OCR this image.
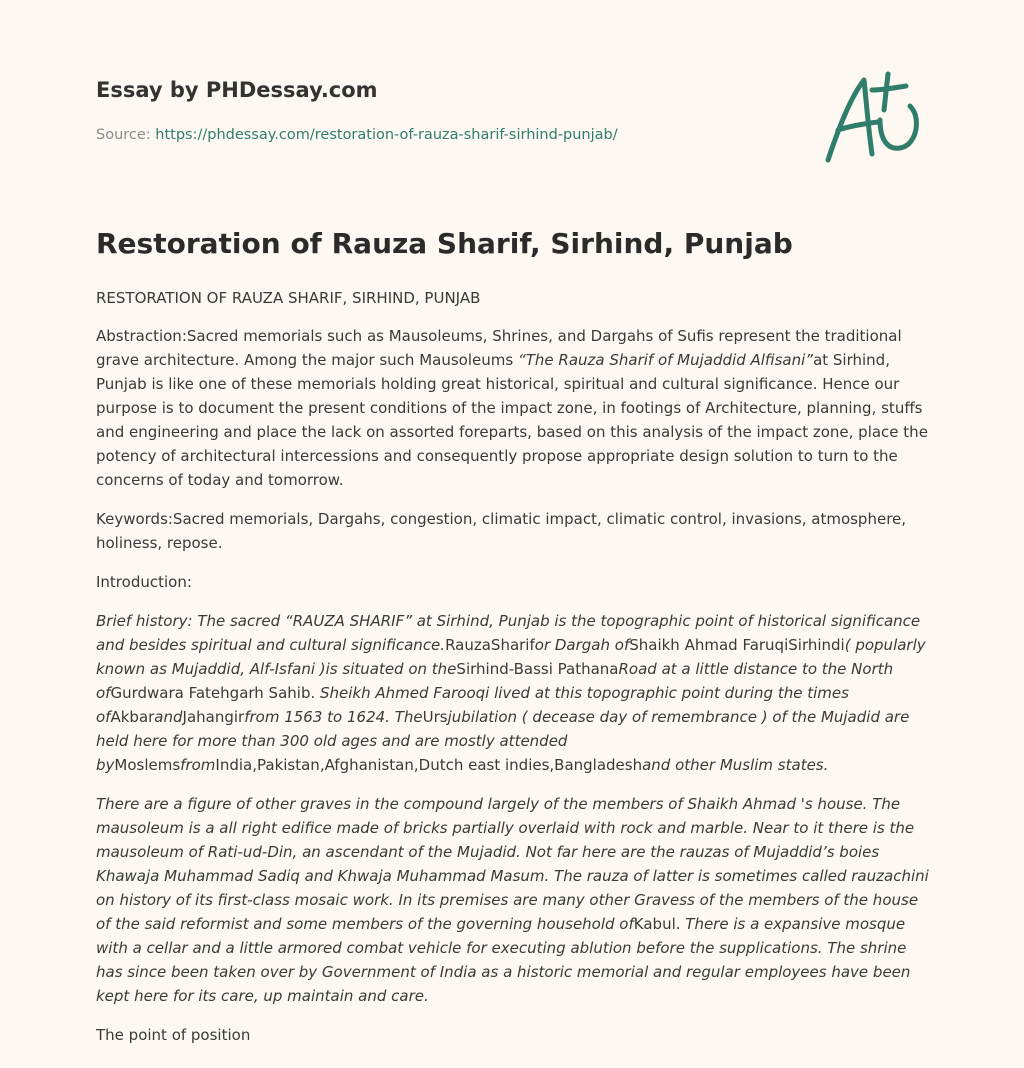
Essay by PHDessay.com
Source: https://phdessay.com/restoration-of-rauza-sharif-sirhind-punjab/
Restoration of Rauza Sharif, Sirhind, Punjab

RESTORATION OF RAUZA SHARIF, SIRHIND, PUNJAB

Abstraction:Sacred memorials such as Mausoleums, Shrines, and Dargahs of Sufis represent the traditional grave architecture. Among the major such Mausoleums “The Rauza Sharif of Mujaddid Alfisani”at Sirhind, Punjab is like one of these memorials holding great historical, spiritual and cultural significance. Hence our purpose is to document the present conditions of the impact zone, in footings of Architecture, planning, stuffs and engineering and place the lack on assorted foreparts, based on this analysis of the impact zone, place the potency of architectural intercessions and consequently propose appropriate design solution to turn to the concerns of today and tomorrow.

Keywords:Sacred memorials, Dargahs, congestion, climatic impact, climatic control, invasions, atmosphere, holiness, repose.

Introduction:

Brief history: The sacred “RAUZA SHARIF” at Sirhind, Punjab is the topographic point of historical significance and besides spiritual and cultural significance.RauzaSharifor Dargah ofShaikh Ahmad FaruqiSirhindi( popularly known as Mujaddid, Alf-Isfani )is situated on theSirhind-Bassi PathanaRoad at a little distance to the North ofGurdwara Fatehgarh Sahib. Sheikh Ahmed Farooqi lived at this topographic point during the times ofAkbarandJahangirfrom 1563 to 1624. TheUrsjubilation ( decease day of remembrance ) of the Mujadid are held here for more than 300 old ages and are mostly attended byMoslemsfromIndia,Pakistan,Afghanistan,Dutch east indies,Bangladeshand other Muslim states.

There are a figure of other graves in the compound largely of the members of Shaikh Ahmad 's house. The mausoleum is a all right edifice made of bricks partially overlaid with rock and marble. Near to it there is the mausoleum of Rati-ud-Din, an ascendant of the Mujadid. Not far here are the rauzas of Mujaddid’s boies Khawaja Muhammad Sadiq and Khwaja Muhammad Masum. The rauza of latter is sometimes called rauzachini on history of its first-class mosaic work. In its premises are many other Gravess of the members of the house of the said reformist and some members of the governing household ofKabul. There is a expansive mosque with a cellar and a little armored combat vehicle for executing ablution before the supplications. The shrine has since been taken over by Government of India as a historic memorial and regular employees have been kept here for its care, up maintain and care.

The point of position
